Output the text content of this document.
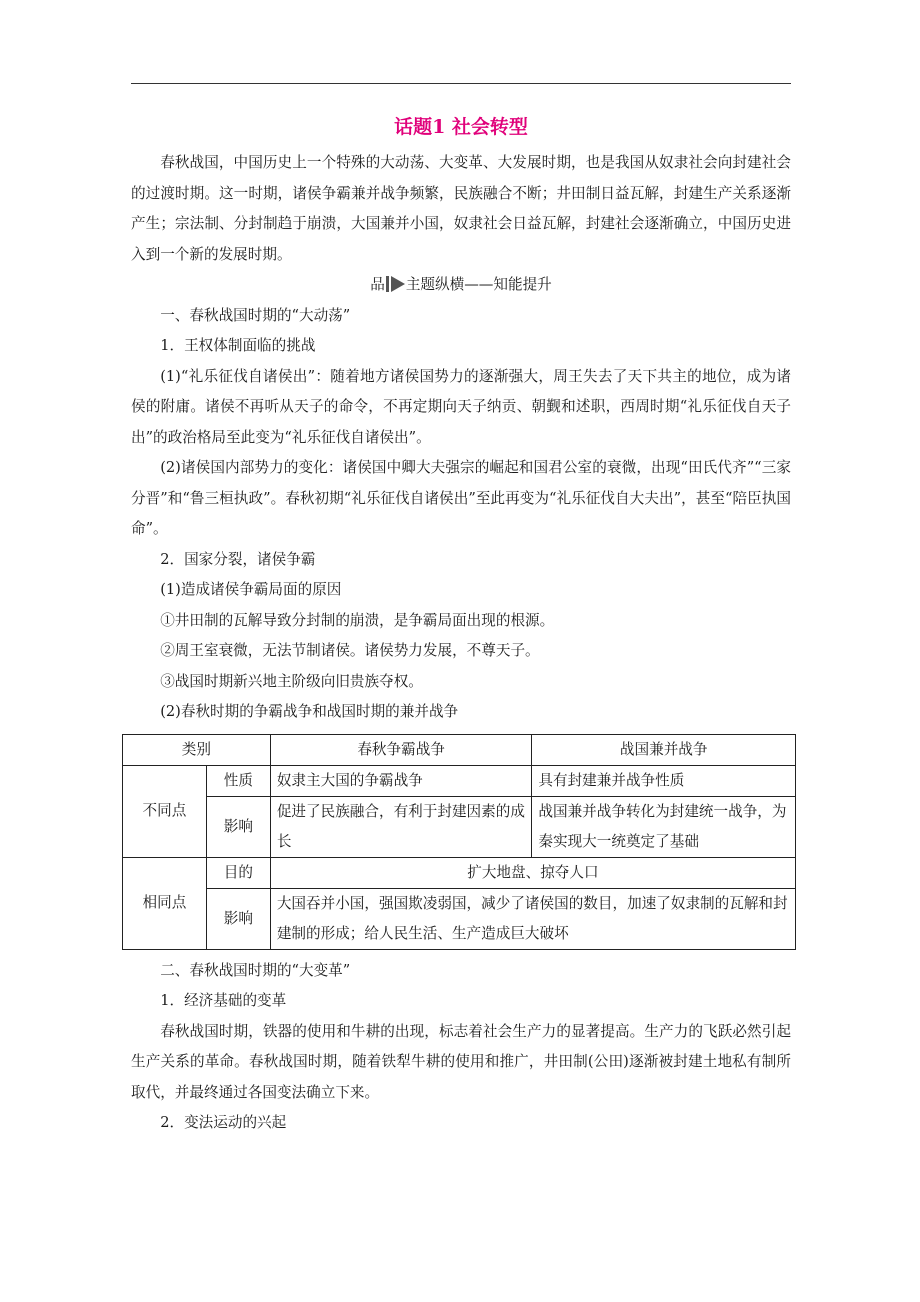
话题1 社会转型

春秋战国，中国历史上一个特殊的大动荡、大变革、大发展时期，也是我国从奴隶社会向封建社会的过渡时期。这一时期，诸侯争霸兼并战争频繁，民族融合不断；井田制日益瓦解，封建生产关系逐渐产生；宗法制、分封制趋于崩溃，大国兼并小国，奴隶社会日益瓦解，封建社会逐渐确立，中国历史进入到一个新的发展时期。

品 主题纵横——知能提升

一、春秋战国时期的“大动荡”

1．王权体制面临的挑战

(1)“礼乐征伐自诸侯出”：随着地方诸侯国势力的逐渐强大，周王失去了天下共主的地位，成为诸侯的附庸。诸侯不再听从天子的命令，不再定期向天子纳贡、朝觐和述职，西周时期“礼乐征伐自天子出”的政治格局至此变为“礼乐征伐自诸侯出”。

(2)诸侯国内部势力的变化：诸侯国中卿大夫强宗的崛起和国君公室的衰微，出现“田氏代齐”“三家分晋”和“鲁三桓执政”。春秋初期“礼乐征伐自诸侯出”至此再变为“礼乐征伐自大夫出”，甚至“陪臣执国命”。

2．国家分裂，诸侯争霸

(1)造成诸侯争霸局面的原因

①井田制的瓦解导致分封制的崩溃，是争霸局面出现的根源。

②周王室衰微，无法节制诸侯。诸侯势力发展，不尊天子。

③战国时期新兴地主阶级向旧贵族夺权。

(2)春秋时期的争霸战争和战国时期的兼并战争

类别		春秋争霸战争	战国兼并战争
不同点	性质	奴隶主大国的争霸战争	具有封建兼并战争性质
	影响	促进了民族融合，有利于封建因素的成长	战国兼并战争转化为封建统一战争，为秦实现大一统奠定了基础
相同点	目的	扩大地盘、掠夺人口	
	影响	大国吞并小国，强国欺凌弱国，减少了诸侯国的数目，加速了奴隶制的瓦解和封建制的形成；给人民生活、生产造成巨大破坏	

二、春秋战国时期的“大变革”

1．经济基础的变革

春秋战国时期，铁器的使用和牛耕的出现，标志着社会生产力的显著提高。生产力的飞跃必然引起生产关系的革命。春秋战国时期，随着铁犁牛耕的使用和推广，井田制(公田)逐渐被封建土地私有制所取代，并最终通过各国变法确立下来。

2．变法运动的兴起
